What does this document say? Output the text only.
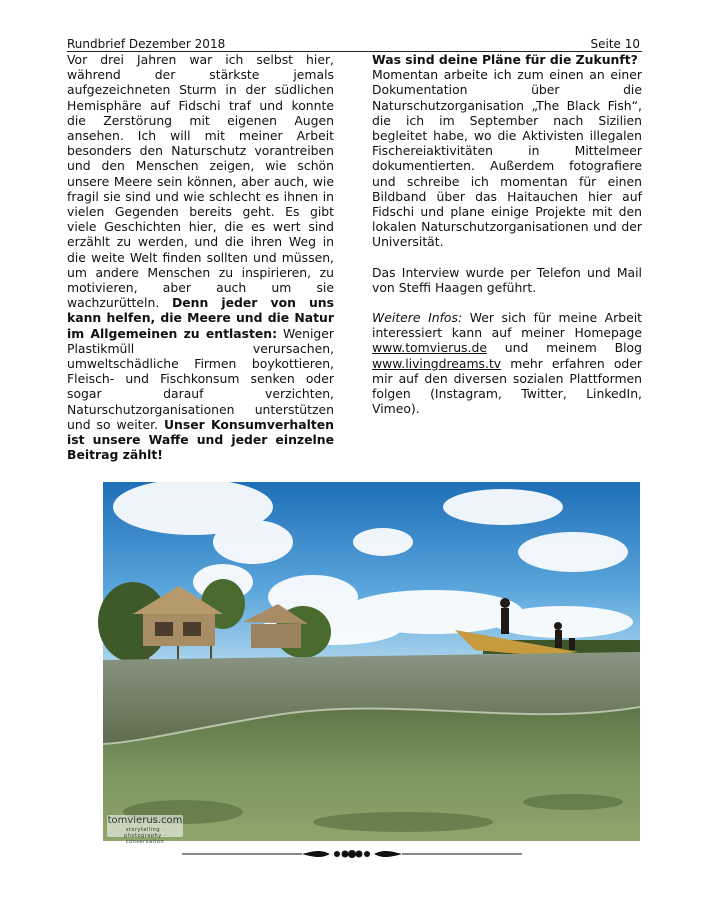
Rundbrief Dezember 2018	Seite 10

Vor drei Jahren war ich selbst hier, während der stärkste jemals aufgezeichneten Sturm in der südlichen Hemisphäre auf Fidschi traf und konnte die Zerstörung mit eigenen Augen ansehen. Ich will mit meiner Arbeit besonders den Naturschutz vorantreiben und den Menschen zeigen, wie schön unsere Meere sein können, aber auch, wie fragil sie sind und wie schlecht es ihnen in vielen Gegenden bereits geht. Es gibt viele Geschichten hier, die es wert sind erzählt zu werden, und die ihren Weg in die weite Welt finden sollten und müssen, um andere Menschen zu inspirieren, zu motivieren, aber auch um sie wachzurütteln. Denn jeder von uns kann helfen, die Meere und die Natur im Allgemeinen zu entlasten: Weniger Plastikmüll verursachen, umweltschädliche Firmen boykottieren, Fleisch- und Fischkonsum senken oder sogar darauf verzichten, Naturschutzorganisationen unterstützen und so weiter. Unser Konsumverhalten ist unsere Waffe und jeder einzelne Beitrag zählt!

Was sind deine Pläne für die Zukunft?

Momentan arbeite ich zum einen an einer Dokumentation über die Naturschutzorganisation „The Black Fish“, die ich im September nach Sizilien begleitet habe, wo die Aktivisten illegalen Fischereiaktivitäten in Mittelmeer dokumentierten. Außerdem fotografiere und schreibe ich momentan für einen Bildband über das Haitauchen hier auf Fidschi und plane einige Projekte mit den lokalen Naturschutzorganisationen und der Universität.

Das Interview wurde per Telefon und Mail von Steffi Haagen geführt.

Weitere Infos: Wer sich für meine Arbeit interessiert kann auf meiner Homepage www.tomvierus.de und meinem Blog www.livingdreams.tv mehr erfahren oder mir auf den diversen sozialen Plattformen folgen (Instagram, Twitter, LinkedIn, Vimeo).

tomvierus.com
storytelling · photography · conservation
